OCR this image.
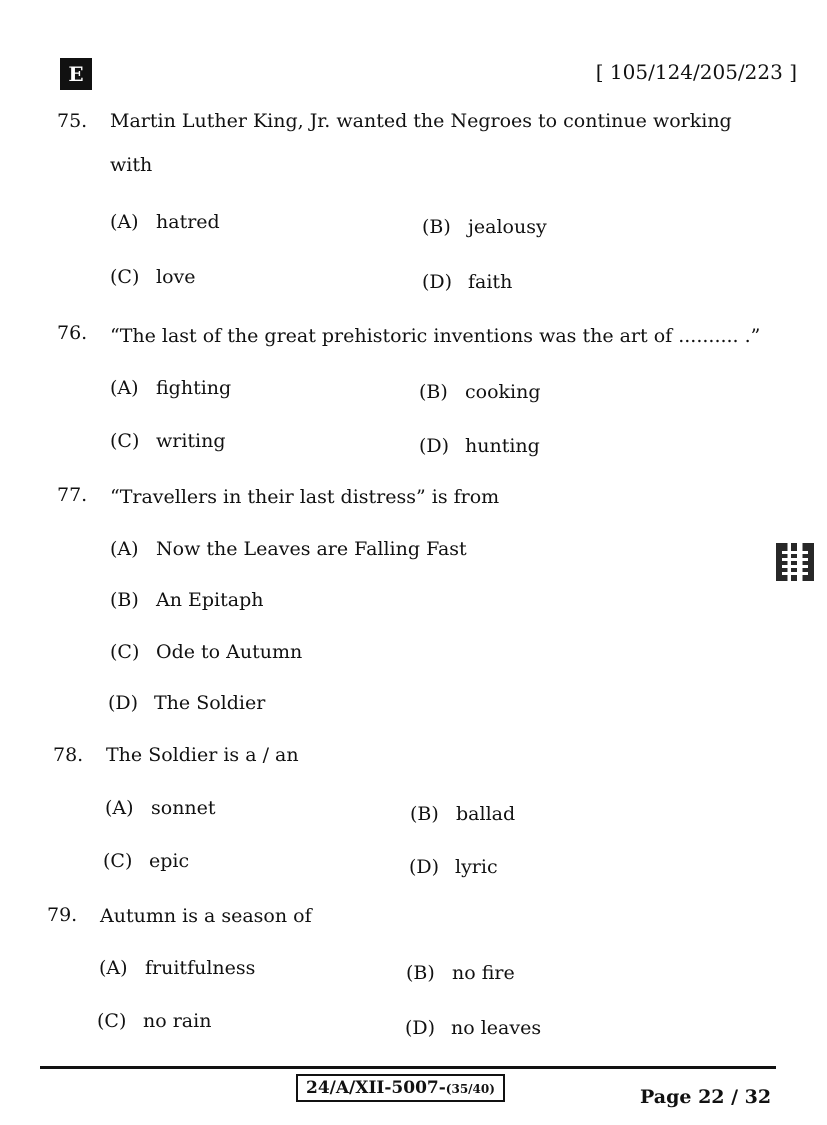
E	[ 105/124/205/223 ]
75. Martin Luther King, Jr. wanted the Negroes to continue working
with
(A) hatred	(B) jealousy
(C) love	(D) faith
76. “The last of the great prehistoric inventions was the art of .......... .”
(A) fighting	(B) cooking
(C) writing	(D) hunting
77. “Travellers in their last distress” is from
(A) Now the Leaves are Falling Fast
(B) An Epitaph
(C) Ode to Autumn
(D) The Soldier
78. The Soldier is a / an
(A) sonnet	(B) ballad
(C) epic	(D) lyric
79. Autumn is a season of
(A) fruitfulness	(B) no fire
(C) no rain	(D) no leaves
24/A/XII-5007-(35/40)	Page 22 / 32
